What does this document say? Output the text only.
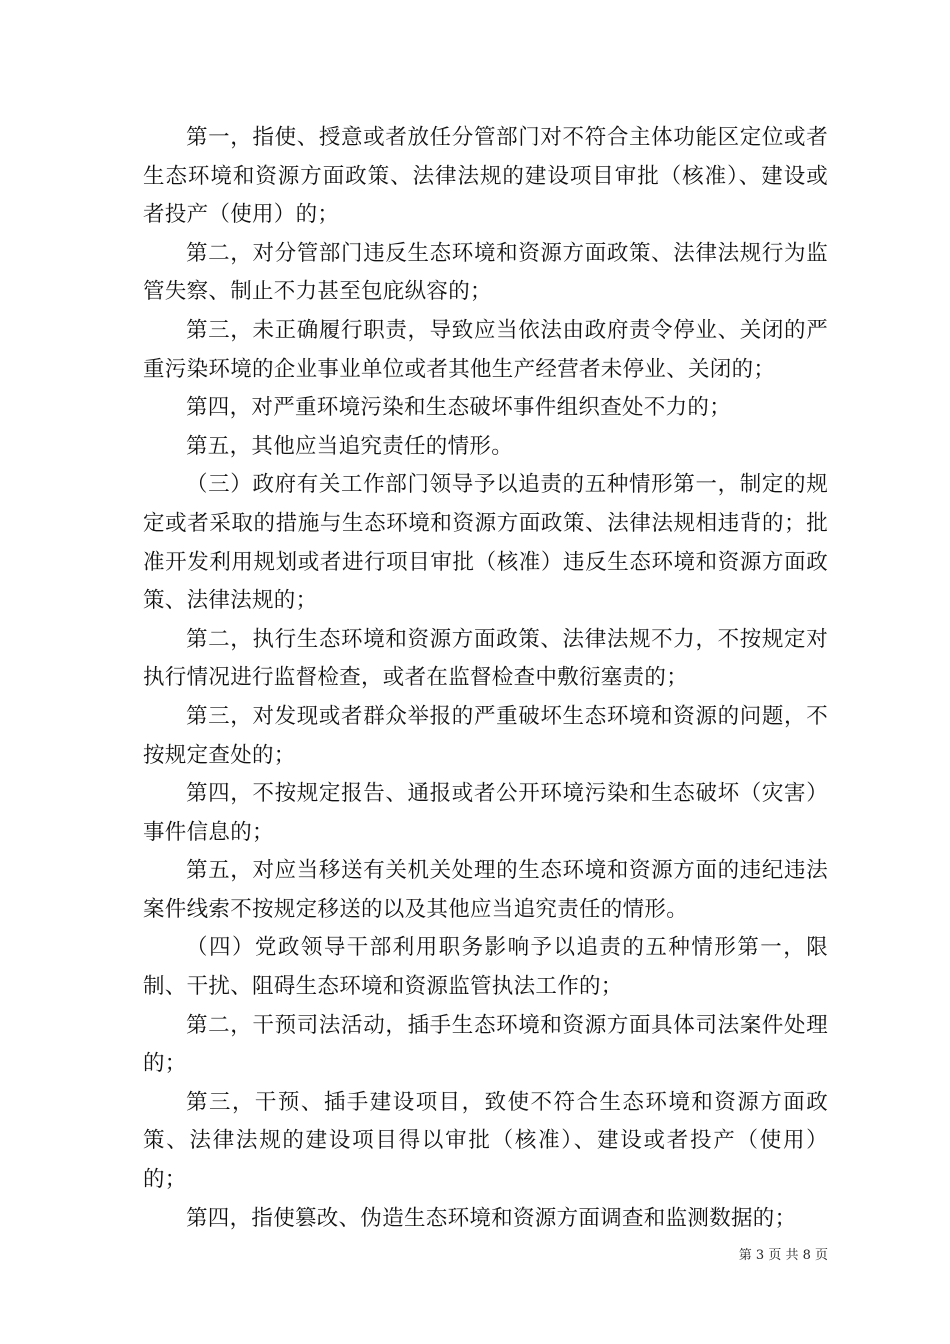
第一，指使、授意或者放任分管部门对不符合主体功能区定位或者生态环境和资源方面政策、法律法规的建设项目审批（核准）、建设或者投产（使用）的；

第二，对分管部门违反生态环境和资源方面政策、法律法规行为监管失察、制止不力甚至包庇纵容的；

第三，未正确履行职责，导致应当依法由政府责令停业、关闭的严重污染环境的企业事业单位或者其他生产经营者未停业、关闭的；

第四，对严重环境污染和生态破坏事件组织查处不力的；

第五，其他应当追究责任的情形。

（三）政府有关工作部门领导予以追责的五种情形第一，制定的规定或者采取的措施与生态环境和资源方面政策、法律法规相违背的；批准开发利用规划或者进行项目审批（核准）违反生态环境和资源方面政策、法律法规的；

第二，执行生态环境和资源方面政策、法律法规不力，不按规定对执行情况进行监督检查，或者在监督检查中敷衍塞责的；

第三，对发现或者群众举报的严重破坏生态环境和资源的问题，不按规定查处的；

第四，不按规定报告、通报或者公开环境污染和生态破坏（灾害）事件信息的；

第五，对应当移送有关机关处理的生态环境和资源方面的违纪违法案件线索不按规定移送的以及其他应当追究责任的情形。

（四）党政领导干部利用职务影响予以追责的五种情形第一，限制、干扰、阻碍生态环境和资源监管执法工作的；

第二，干预司法活动，插手生态环境和资源方面具体司法案件处理的；

第三，干预、插手建设项目，致使不符合生态环境和资源方面政策、法律法规的建设项目得以审批（核准）、建设或者投产（使用）的；

第四，指使篡改、伪造生态环境和资源方面调查和监测数据的；

第 3 页 共 8 页
